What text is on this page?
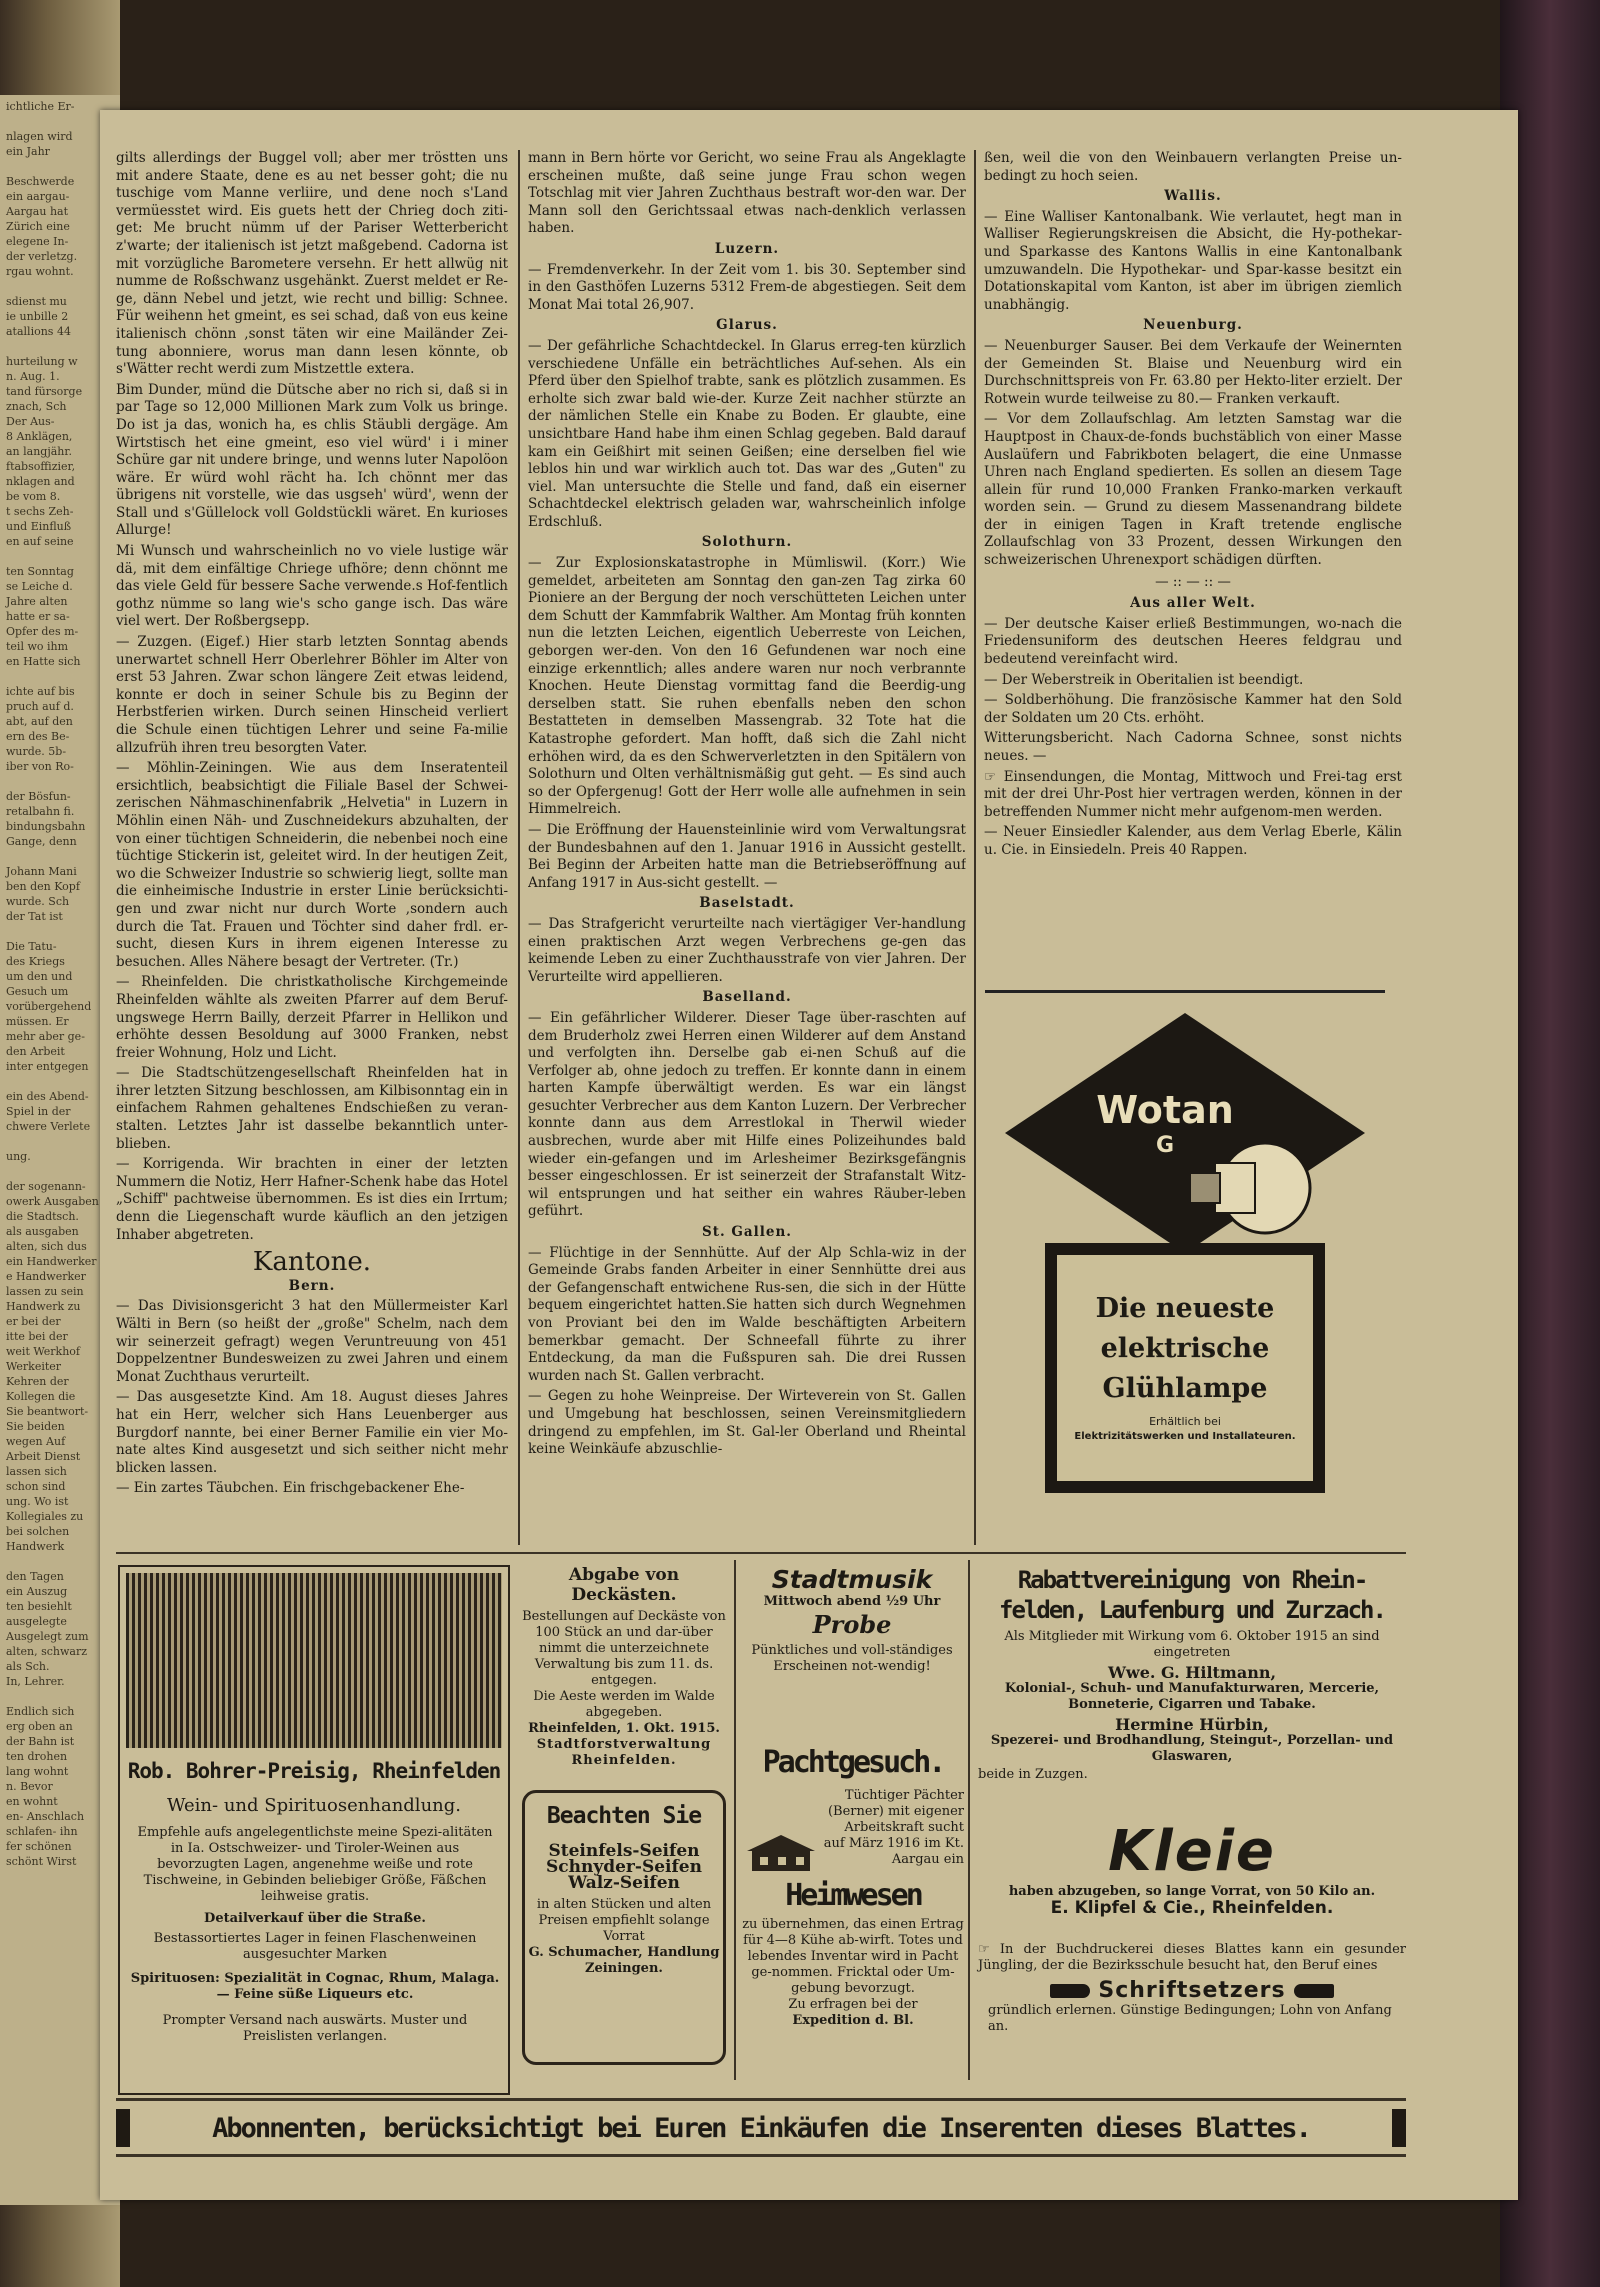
ichtliche Er-

nlagen wird
ein Jahr

Beschwerde
ein aargau-
Aargau hat
Zürich eine
elegene In-
der verletzg.
rgau wohnt.

sdienst mu
ie unbille 2
atallions 44

hurteilung w
n. Aug. 1.
tand fürsorge
znach, Sch
Der Aus-
8 Anklägen,
an langjähr.
ftabsoffizier,
nklagen and
be vom 8.
t sechs Zeh-
und Einfluß
en auf seine

ten Sonntag
se Leiche d.
Jahre alten
hatte er sa-
Opfer des m-
teil wo ihm
en Hatte sich

ichte auf bis
pruch auf d.
abt, auf den
ern des Be-
wurde. 5b-
iber von Ro-

der Bösfun-
retalbahn fi.
bindungsbahn
Gange, denn

Johann Mani
ben den Kopf
wurde. Sch
der Tat ist

Die Tatu-
des Kriegs
um den und
Gesuch um
vorübergehend
müssen. Er
mehr aber ge-
den Arbeit
inter entgegen

ein des Abend-
Spiel in der
chwere Verlete

ung.

der sogenann-
owerk Ausgaben
die Stadtsch.
als ausgaben
alten, sich dus
ein Handwerker
e Handwerker
lassen zu sein
Handwerk zu
er bei der
itte bei der
weit Werkhof
Werkeiter
Kehren der
Kollegen die
Sie beantwort-
Sie beiden
wegen Auf
Arbeit Dienst
lassen sich
schon sind
ung. Wo ist
Kollegiales zu
bei solchen
Handwerk

den Tagen
ein Auszug
ten besiehlt
ausgelegte
Ausgelegt zum
alten, schwarz
als Sch.
In, Lehrer.

Endlich sich
erg oben an
der Bahn ist
ten drohen
lang wohnt
n. Bevor
en wohnt
en- Anschlach
schlafen- ihn
fer schönen
schönt Wirst
gilts allerdings der Buggel voll; aber mer tröstten uns mit andere Staate, dene es au net besser goht; die nu tuschige vom Manne verliire, und dene noch s'Land vermüesstet wird. Eis guets hett der Chrieg doch ziti-get: Me brucht nümm uf der Pariser Wetterbericht z'warte; der italienisch ist jetzt maßgebend. Cadorna ist mit vorzügliche Barometere versehn. Er hett allwüg nit numme de Roßschwanz usgehänkt. Zuerst meldet er Re-ge, dänn Nebel und jetzt, wie recht und billig: Schnee. Für weihenn het gmeint, es sei schad, daß von eus keine italienisch chönn ,sonst täten wir eine Mailänder Zei-tung abonniere, worus man dann lesen könnte, ob s'Wätter recht werdi zum Mistzettle extera.
Bim Dunder, münd die Dütsche aber no rich si, daß si in par Tage so 12,000 Millionen Mark zum Volk us bringe. Do ist ja das, wonich ha, es chlis Stäubli dergäge. Am Wirtstisch het eine gmeint, eso viel würd' i i miner Schüre gar nit undere bringe, und wenns luter Napolöon wäre. Er würd wohl rächt ha. Ich chönnt mer das übrigens nit vorstelle, wie das usgseh' würd', wenn der Stall und s'Güllelock voll Goldstückli wäret. En kurioses Allurge!
Mi Wunsch und wahrscheinlich no vo viele lustige wär dä, mit dem einfältige Chriege ufhöre; denn chönnt me das viele Geld für bessere Sache verwende.s Hof-fentlich gothz nümme so lang wie's scho gange isch. Das wäre viel wert. Der Roßbergsepp.
— Zuzgen. (Eigef.) Hier starb letzten Sonntag abends unerwartet schnell Herr Oberlehrer Böhler im Alter von erst 53 Jahren. Zwar schon längere Zeit etwas leidend, konnte er doch in seiner Schule bis zu Beginn der Herbstferien wirken. Durch seinen Hinscheid verliert die Schule einen tüchtigen Lehrer und seine Fa-milie allzufrüh ihren treu besorgten Vater.
— Möhlin-Zeiningen. Wie aus dem Inseratenteil ersichtlich, beabsichtigt die Filiale Basel der Schwei-zerischen Nähmaschinenfabrik „Helvetia" in Luzern in Möhlin einen Näh- und Zuschneidekurs abzuhalten, der von einer tüchtigen Schneiderin, die nebenbei noch eine tüchtige Stickerin ist, geleitet wird. In der heutigen Zeit, wo die Schweizer Industrie so schwierig liegt, sollte man die einheimische Industrie in erster Linie berücksichti-gen und zwar nicht nur durch Worte ,sondern auch durch die Tat. Frauen und Töchter sind daher frdl. er-sucht, diesen Kurs in ihrem eigenen Interesse zu besuchen. Alles Nähere besagt der Vertreter. (Tr.)
— Rheinfelden. Die christkatholische Kirchgemeinde Rheinfelden wählte als zweiten Pfarrer auf dem Beruf-ungswege Herrn Bailly, derzeit Pfarrer in Hellikon und erhöhte dessen Besoldung auf 3000 Franken, nebst freier Wohnung, Holz und Licht.
— Die Stadtschützengesellschaft Rheinfelden hat in ihrer letzten Sitzung beschlossen, am Kilbisonntag ein in einfachem Rahmen gehaltenes Endschießen zu veran-stalten. Letztes Jahr ist dasselbe bekanntlich unter-blieben.
— Korrigenda. Wir brachten in einer der letzten Nummern die Notiz, Herr Hafner-Schenk habe das Hotel „Schiff" pachtweise übernommen. Es ist dies ein Irrtum; denn die Liegenschaft wurde käuflich an den jetzigen Inhaber abgetreten.
Kantone.
Bern.
— Das Divisionsgericht 3 hat den Müllermeister Karl Wälti in Bern (so heißt der „große" Schelm, nach dem wir seinerzeit gefragt) wegen Veruntreuung von 451 Doppelzentner Bundesweizen zu zwei Jahren und einem Monat Zuchthaus verurteilt.
— Das ausgesetzte Kind. Am 18. August dieses Jahres hat ein Herr, welcher sich Hans Leuenberger aus Burgdorf nannte, bei einer Berner Familie ein vier Mo-nate altes Kind ausgesetzt und sich seither nicht mehr blicken lassen.
— Ein zartes Täubchen. Ein frischgebackener Ehe-
mann in Bern hörte vor Gericht, wo seine Frau als Angeklagte erscheinen mußte, daß seine junge Frau schon wegen Totschlag mit vier Jahren Zuchthaus bestraft wor-den war. Der Mann soll den Gerichtssaal etwas nach-denklich verlassen haben.
Luzern.
— Fremdenverkehr. In der Zeit vom 1. bis 30. September sind in den Gasthöfen Luzerns 5312 Frem-de abgestiegen. Seit dem Monat Mai total 26,907.
Glarus.
— Der gefährliche Schachtdeckel. In Glarus erreg-ten kürzlich verschiedene Unfälle ein beträchtliches Auf-sehen. Als ein Pferd über den Spielhof trabte, sank es plötzlich zusammen. Es erholte sich zwar bald wie-der. Kurze Zeit nachher stürzte an der nämlichen Stelle ein Knabe zu Boden. Er glaubte, eine unsichtbare Hand habe ihm einen Schlag gegeben. Bald darauf kam ein Geißhirt mit seinen Geißen; eine derselben fiel wie leblos hin und war wirklich auch tot. Das war des „Guten" zu viel. Man untersuchte die Stelle und fand, daß ein eiserner Schachtdeckel elektrisch geladen war, wahrscheinlich infolge Erdschluß.
Solothurn.
— Zur Explosionskatastrophe in Mümliswil. (Korr.) Wie gemeldet, arbeiteten am Sonntag den gan-zen Tag zirka 60 Pioniere an der Bergung der noch verschütteten Leichen unter dem Schutt der Kammfabrik Walther. Am Montag früh konnten nun die letzten Leichen, eigentlich Ueberreste von Leichen, geborgen wer-den. Von den 16 Gefundenen war noch eine einzige erkenntlich; alles andere waren nur noch verbrannte Knochen. Heute Dienstag vormittag fand die Beerdig-ung derselben statt. Sie ruhen ebenfalls neben den schon Bestatteten in demselben Massengrab. 32 Tote hat die Katastrophe gefordert. Man hofft, daß sich die Zahl nicht erhöhen wird, da es den Schwerverletzten in den Spitälern von Solothurn und Olten verhältnismäßig gut geht. — Es sind auch so der Opfergenug! Gott der Herr wolle alle aufnehmen in sein Himmelreich.
— Die Eröffnung der Hauensteinlinie wird vom Verwaltungsrat der Bundesbahnen auf den 1. Januar 1916 in Aussicht gestellt. Bei Beginn der Arbeiten hatte man die Betriebseröffnung auf Anfang 1917 in Aus-sicht gestellt. —
Baselstadt.
— Das Strafgericht verurteilte nach viertägiger Ver-handlung einen praktischen Arzt wegen Verbrechens ge-gen das keimende Leben zu einer Zuchthausstrafe von vier Jahren. Der Verurteilte wird appellieren.
Baselland.
— Ein gefährlicher Wilderer. Dieser Tage über-raschten auf dem Bruderholz zwei Herren einen Wilderer auf dem Anstand und verfolgten ihn. Derselbe gab ei-nen Schuß auf die Verfolger ab, ohne jedoch zu treffen. Er konnte dann in einem harten Kampfe überwältigt werden. Es war ein längst gesuchter Verbrecher aus dem Kanton Luzern. Der Verbrecher konnte dann aus dem Arrestlokal in Therwil wieder ausbrechen, wurde aber mit Hilfe eines Polizeihundes bald wieder ein-gefangen und im Arlesheimer Bezirksgefängnis besser eingeschlossen. Er ist seinerzeit der Strafanstalt Witz-wil entsprungen und hat seither ein wahres Räuber-leben geführt.
St. Gallen.
— Flüchtige in der Sennhütte. Auf der Alp Schla-wiz in der Gemeinde Grabs fanden Arbeiter in einer Sennhütte drei aus der Gefangenschaft entwichene Rus-sen, die sich in der Hütte bequem eingerichtet hatten.Sie hatten sich durch Wegnehmen von Proviant bei den im Walde beschäftigten Arbeitern bemerkbar gemacht. Der Schneefall führte zu ihrer Entdeckung, da man die Fußspuren sah. Die drei Russen wurden nach St. Gallen verbracht.
— Gegen zu hohe Weinpreise. Der Wirteverein von St. Gallen und Umgebung hat beschlossen, seinen Vereinsmitgliedern dringend zu empfehlen, im St. Gal-ler Oberland und Rheintal keine Weinkäufe abzuschlie-
ßen, weil die von den Weinbauern verlangten Preise un-bedingt zu hoch seien.
Wallis.
— Eine Walliser Kantonalbank. Wie verlautet, hegt man in Walliser Regierungskreisen die Absicht, die Hy-pothekar- und Sparkasse des Kantons Wallis in eine Kantonalbank umzuwandeln. Die Hypothekar- und Spar-kasse besitzt ein Dotationskapital vom Kanton, ist aber im übrigen ziemlich unabhängig.
Neuenburg.
— Neuenburger Sauser. Bei dem Verkaufe der Weinernten der Gemeinden St. Blaise und Neuenburg wird ein Durchschnittspreis von Fr. 63.80 per Hekto-liter erzielt. Der Rotwein wurde teilweise zu 80.— Franken verkauft.
— Vor dem Zollaufschlag. Am letzten Samstag war die Hauptpost in Chaux-de-fonds buchstäblich von einer Masse Auslaüfern und Fabrikboten belagert, die eine Unmasse Uhren nach England spedierten. Es sollen an diesem Tage allein für rund 10,000 Franken Franko-marken verkauft worden sein. — Grund zu diesem Massenandrang bildete der in einigen Tagen in Kraft tretende englische Zollaufschlag von 33 Prozent, dessen Wirkungen den schweizerischen Uhrenexport schädigen dürften.
— :: — :: —
Aus aller Welt.
— Der deutsche Kaiser erließ Bestimmungen, wo-nach die Friedensuniform des deutschen Heeres feldgrau und bedeutend vereinfacht wird.
— Der Weberstreik in Oberitalien ist beendigt.
— Soldberhöhung. Die französische Kammer hat den Sold der Soldaten um 20 Cts. erhöht.
Witterungsbericht. Nach Cadorna Schnee, sonst nichts neues. —
☞ Einsendungen, die Montag, Mittwoch und Frei-tag erst mit der drei Uhr-Post hier vertragen werden, können in der betreffenden Nummer nicht mehr aufgenom-men werden.
— Neuer Einsiedler Kalender, aus dem Verlag Eberle, Kälin u. Cie. in Einsiedeln. Preis 40 Rappen.
Wotan
G
Die neueste
elektrische
Glühlampe
Erhältlich bei
Elektrizitätswerken und Installateuren.
Rob. Bohrer-Preisig, Rheinfelden
Wein- und Spirituosenhandlung.
Empfehle aufs angelegentlichste meine Spezi-alitäten in Ia. Ostschweizer- und Tiroler-Weinen aus bevorzugten Lagen, angenehme weiße und rote Tischweine, in Gebinden beliebiger Größe, Fäßchen leihweise gratis.
Detailverkauf über die Straße.
Bestassortiertes Lager in feinen Flaschenweinen ausgesuchter Marken
Spirituosen: Spezialität in Cognac, Rhum, Malaga. — Feine süße Liqueurs etc.
Prompter Versand nach auswärts. Muster und Preislisten verlangen.
Abgabe von Deckästen.
Bestellungen auf Deckäste von 100 Stück an und dar-über nimmt die unterzeichnete Verwaltung bis zum 11. ds. entgegen.
Die Aeste werden im Walde abgegeben.
Rheinfelden, 1. Okt. 1915.
Stadtforstverwaltung
Rheinfelden.
Beachten Sie
Steinfels-Seifen
Schnyder-Seifen
Walz-Seifen
in alten Stücken und alten Preisen empfiehlt solange Vorrat
G. Schumacher, Handlung
Zeiningen.
Stadtmusik
Mittwoch abend ½9 Uhr
Probe
Pünktliches und voll-ständiges Erscheinen not-wendig!
Pachtgesuch.
Tüchtiger Pächter (Berner) mit eigener Arbeitskraft sucht auf März 1916 im Kt. Aargau ein
Heimwesen
zu übernehmen, das einen Ertrag für 4—8 Kühe ab-wirft. Totes und lebendes Inventar wird in Pacht ge-nommen. Fricktal oder Um-gebung bevorzugt.
Zu erfragen bei der
Expedition d. Bl.
Rabattvereinigung von Rhein-felden, Laufenburg und Zurzach.
Als Mitglieder mit Wirkung vom 6. Oktober 1915 an sind eingetreten
Wwe. G. Hiltmann,
Kolonial-, Schuh- und Manufakturwaren, Mercerie, Bonneterie, Cigarren und Tabake.
Hermine Hürbin,
Spezerei- und Brodhandlung, Steingut-, Porzellan- und Glaswaren,
beide in Zuzgen.
Kleie
haben abzugeben, so lange Vorrat, von 50 Kilo an.
E. Klipfel & Cie., Rheinfelden.
☞ In der Buchdruckerei dieses Blattes kann ein gesunder Jüngling, der die Bezirksschule besucht hat, den Beruf eines
Schriftsetzers
gründlich erlernen. Günstige Bedingungen; Lohn von Anfang an.
Abonnenten, berücksichtigt bei Euren Einkäufen die Inserenten dieses Blattes.
